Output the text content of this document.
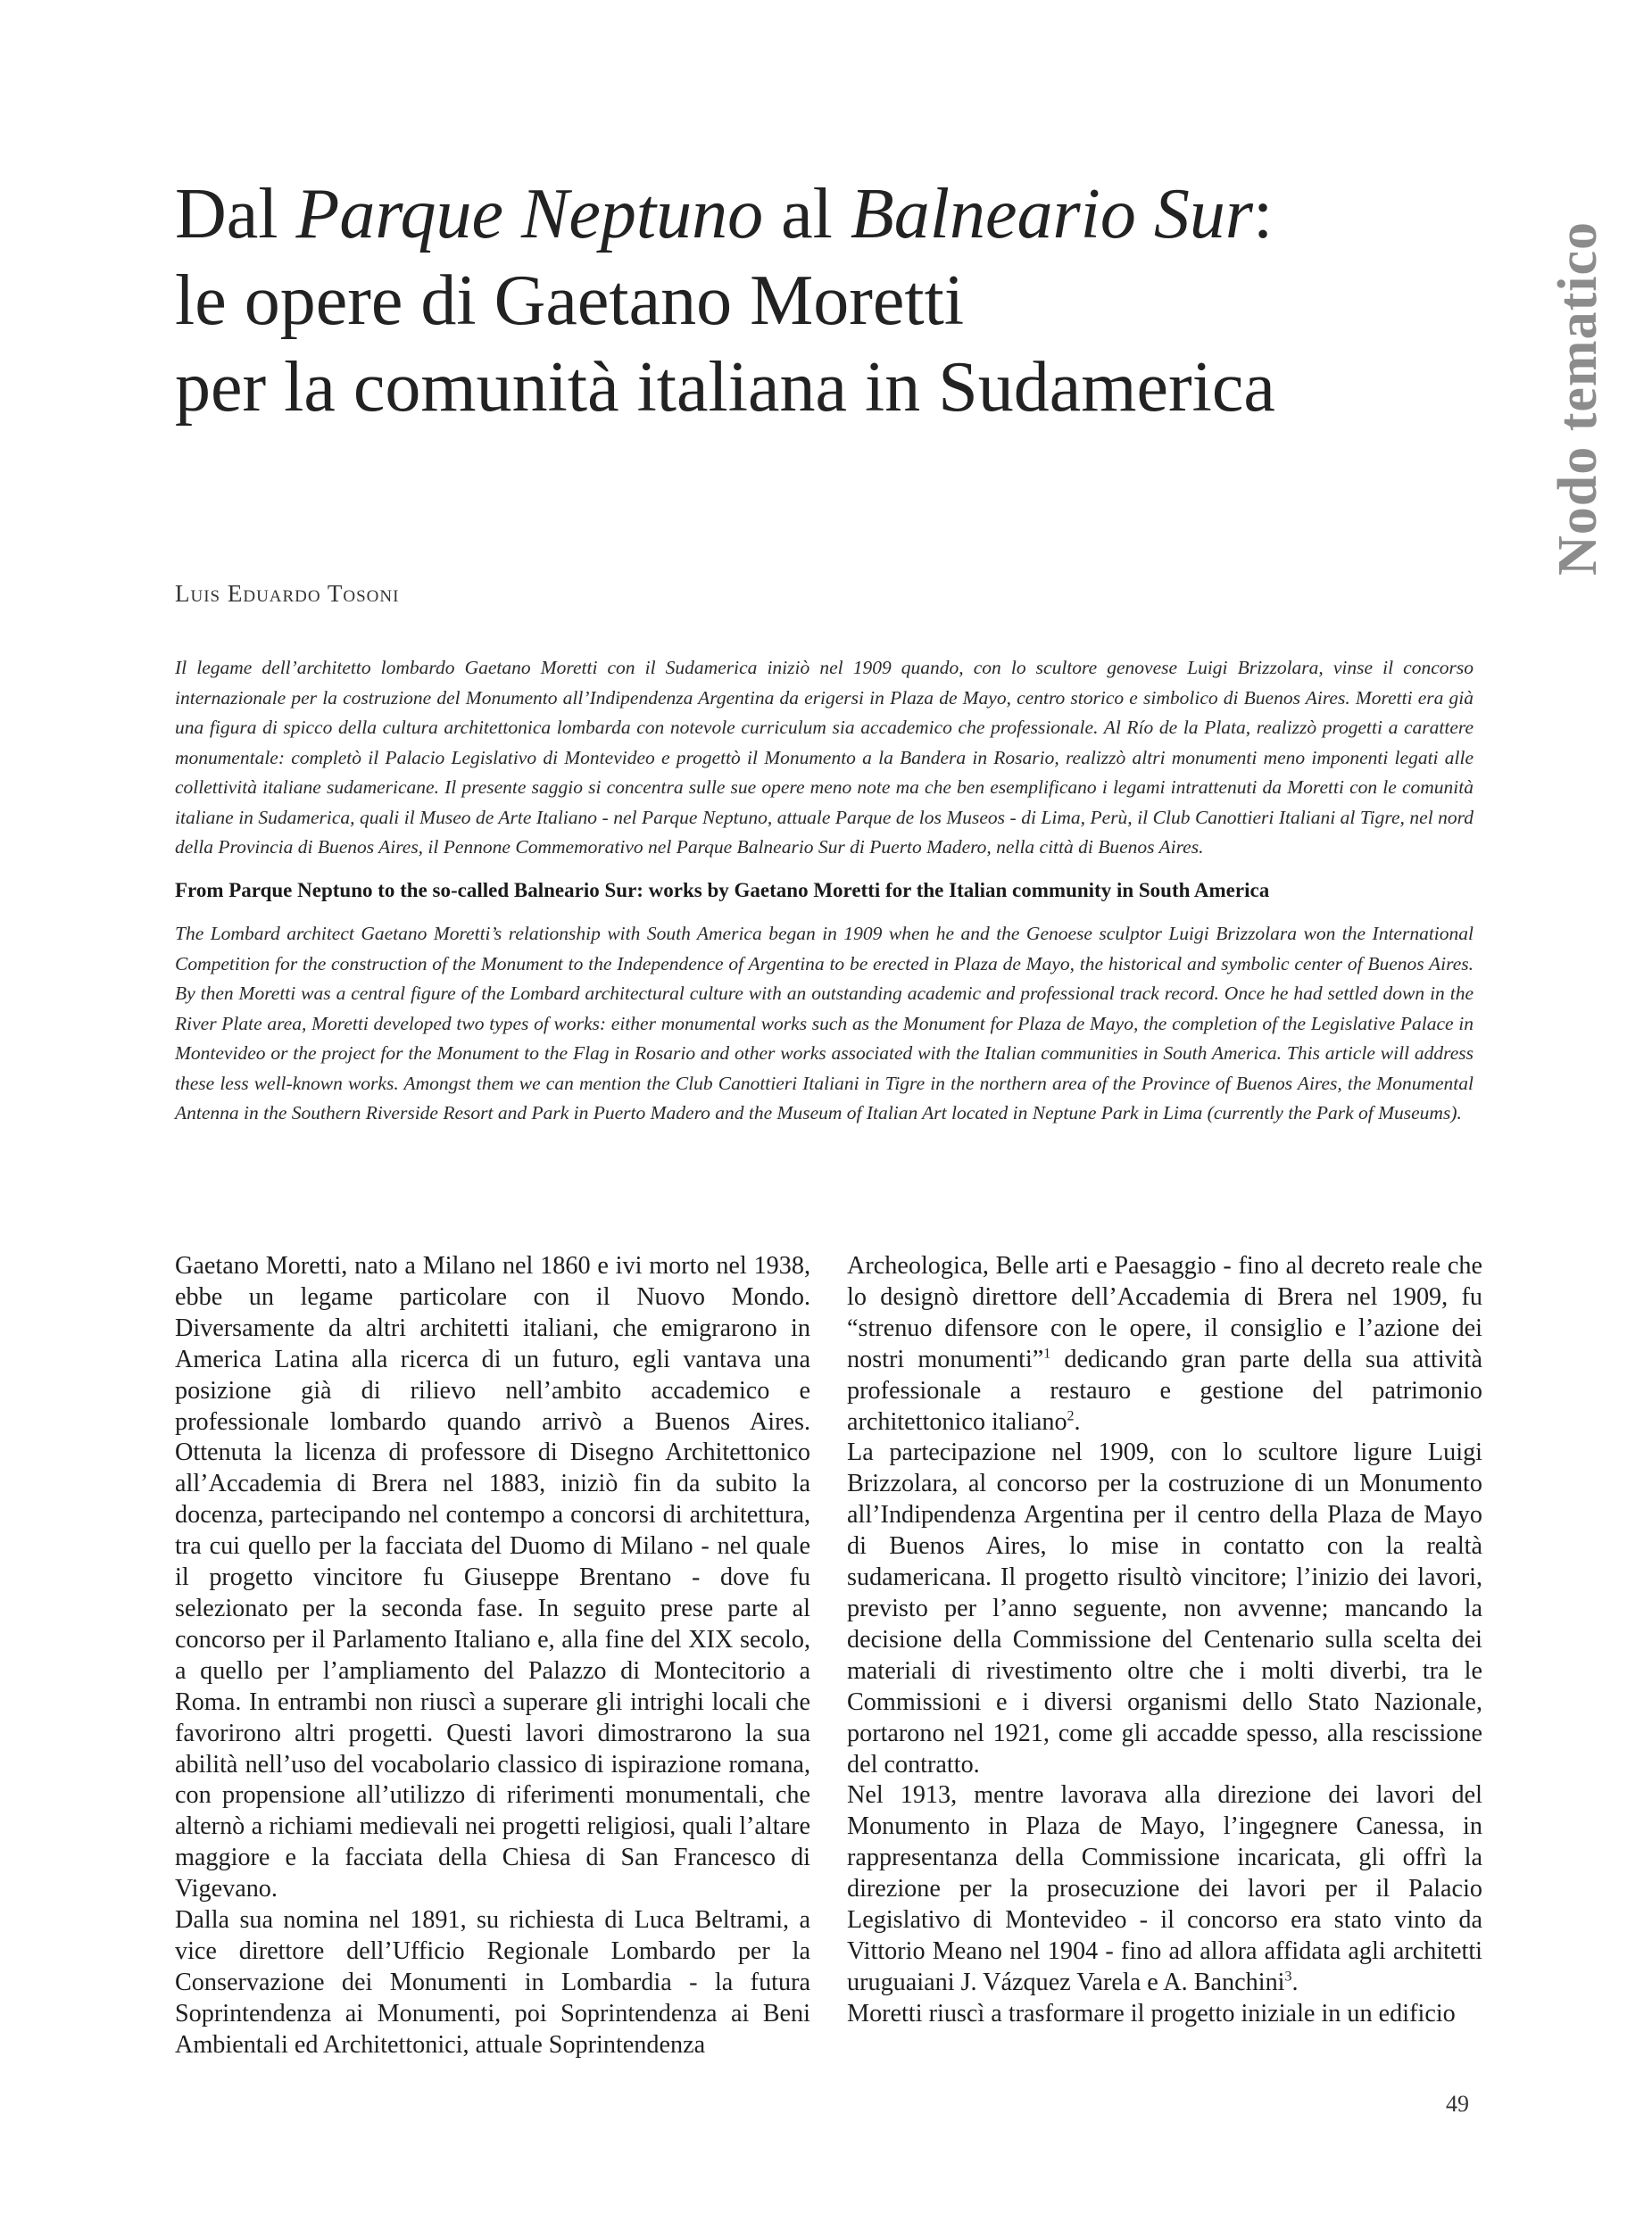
Dal Parque Neptuno al Balneario Sur:
le opere di Gaetano Moretti
per la comunità italiana in Sudamerica	Nodo tematico
Luis Eduardo Tosoni

Il legame dell’architetto lombardo Gaetano Moretti con il Sudamerica iniziò nel 1909 quando, con lo scultore genovese Luigi Brizzolara, vinse il concorso internazionale per la costruzione del Monumento all’Indipendenza Argentina da erigersi in Plaza de Mayo, centro storico e simbolico di Buenos Aires. Moretti era già una figura di spicco della cultura architettonica lombarda con notevole curriculum sia accademico che professionale. Al Río de la Plata, realizzò progetti a carattere monumentale: completò il Palacio Legislativo di Montevideo e progettò il Monumento a la Bandera in Rosario, realizzò altri monumenti meno imponenti legati alle collettività italiane sudamericane. Il presente saggio si concentra sulle sue opere meno note ma che ben esemplificano i legami intrattenuti da Moretti con le comunità italiane in Sudamerica, quali il Museo de Arte Italiano - nel Parque Neptuno, attuale Parque de los Museos - di Lima, Perù, il Club Canottieri Italiani al Tigre, nel nord della Provincia di Buenos Aires, il Pennone Commemorativo nel Parque Balneario Sur di Puerto Madero, nella città di Buenos Aires.

From Parque Neptuno to the so-called Balneario Sur: works by Gaetano Moretti for the Italian community in South America

The Lombard architect Gaetano Moretti’s relationship with South America began in 1909 when he and the Genoese sculptor Luigi Brizzolara won the International Competition for the construction of the Monument to the Independence of Argentina to be erected in Plaza de Mayo, the historical and symbolic center of Buenos Aires. By then Moretti was a central figure of the Lombard architectural culture with an outstanding academic and professional track record. Once he had settled down in the River Plate area, Moretti developed two types of works: either monumental works such as the Monument for Plaza de Mayo, the completion of the Legislative Palace in Montevideo or the project for the Monument to the Flag in Rosario and other works associated with the Italian communities in South America. This article will address these less well-known works. Amongst them we can mention the Club Canottieri Italiani in Tigre in the northern area of the Province of Buenos Aires, the Monumental Antenna in the Southern Riverside Resort and Park in Puerto Madero and the Museum of Italian Art located in Neptune Park in Lima (currently the Park of Museums).

Gaetano Moretti, nato a Milano nel 1860 e ivi morto nel 1938, ebbe un legame particolare con il Nuovo Mondo. Diversamente da altri architetti italiani, che emigrarono in America Latina alla ricerca di un futuro, egli vantava una posizione già di rilievo nell’ambito accademico e professionale lombardo quando arrivò a Buenos Aires. Ottenuta la licenza di professore di Disegno Architettonico all’Accademia di Brera nel 1883, iniziò fin da subito la docenza, partecipando nel contempo a concorsi di architettura, tra cui quello per la facciata del Duomo di Milano - nel quale il progetto vincitore fu Giuseppe Brentano - dove fu selezionato per la seconda fase. In seguito prese parte al concorso per il Parlamento Italiano e, alla fine del XIX secolo, a quello per l’ampliamento del Palazzo di Montecitorio a Roma. In entrambi non riuscì a superare gli intrighi locali che favorirono altri progetti. Questi lavori dimostrarono la sua abilità nell’uso del vocabolario classico di ispirazione romana, con propensione all’utilizzo di riferimenti monumentali, che alternò a richiami medievali nei progetti religiosi, quali l’altare maggiore e la facciata della Chiesa di San Francesco di Vigevano.

Dalla sua nomina nel 1891, su richiesta di Luca Beltrami, a vice direttore dell’Ufficio Regionale Lombardo per la Conservazione dei Monumenti in Lombardia - la futura Soprintendenza ai Monumenti, poi Soprintendenza ai Beni Ambientali ed Architettonici, attuale Soprintendenza

Archeologica, Belle arti e Paesaggio - fino al decreto reale che lo designò direttore dell’Accademia di Brera nel 1909, fu “strenuo difensore con le opere, il consiglio e l’azione dei nostri monumenti”$^1$ dedicando gran parte della sua attività professionale a restauro e gestione del patrimonio architettonico italiano$^2$.

La partecipazione nel 1909, con lo scultore ligure Luigi Brizzolara, al concorso per la costruzione di un Monumento all’Indipendenza Argentina per il centro della Plaza de Mayo di Buenos Aires, lo mise in contatto con la realtà sudamericana. Il progetto risultò vincitore; l’inizio dei lavori, previsto per l’anno seguente, non avvenne; mancando la decisione della Commissione del Centenario sulla scelta dei materiali di rivestimento oltre che i molti diverbi, tra le Commissioni e i diversi organismi dello Stato Nazionale, portarono nel 1921, come gli accadde spesso, alla rescissione del contratto.

Nel 1913, mentre lavorava alla direzione dei lavori del Monumento in Plaza de Mayo, l’ingegnere Canessa, in rappresentanza della Commissione incaricata, gli offrì la direzione per la prosecuzione dei lavori per il Palacio Legislativo di Montevideo - il concorso era stato vinto da Vittorio Meano nel 1904 - fino ad allora affidata agli architetti uruguaiani J. Vázquez Varela e A. Banchini$^3$.

Moretti riuscì a trasformare il progetto iniziale in un edificio

49
